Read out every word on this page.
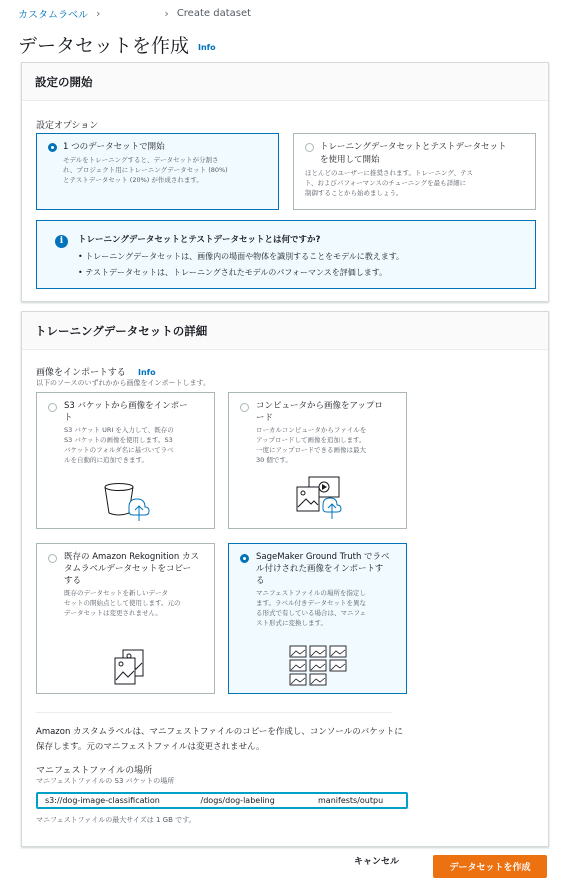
カスタムラベル ›	› Create dataset
データセットを作成 Info
設定の開始
設定オプション
1 つのデータセットで開始
モデルをトレーニングすると、データセットが分割さ
れ、プロジェクト用にトレーニングデータセット (80%)
とテストデータセット (20%) が作成されます。
トレーニングデータセットとテストデータセット
を使用して開始
ほとんどのユーザーに推奨されます。トレーニング、テス
ト、およびパフォーマンスのチューニングを最も詳細に
制御することから始めましょう。
i	トレーニングデータセットとテストデータセットとは何ですか?
• トレーニングデータセットは、画像内の場面や物体を識別することをモデルに教えます。
• テストデータセットは、トレーニングされたモデルのパフォーマンスを評価します。
トレーニングデータセットの詳細
画像をインポートする Info
以下のソースのいずれかから画像をインポートします。
S3 バケットから画像をインポー
ト
S3 バケット URI を入力して、既存の
S3 バケットの画像を使用します。S3
バケットのフォルダ名に基づいてラベ
ルを自動的に追加できます。
コンピュータから画像をアップロ
ード
ローカルコンピュータからファイルを
アップロードして画像を追加します。
一度にアップロードできる画像は最大
30 個です。
既存の Amazon Rekognition カス
タムラベルデータセットをコピー
する
既存のデータセットを新しいデータ
セットの開始点として使用します。元の
データセットは変更されません。
SageMaker Ground Truth でラベ
ル付けされた画像をインポートす
る
マニフェストファイルの場所を指定し
ます。ラベル付きデータセットを異な
る形式で有している場合は、マニフェ
スト形式に変換します。
Amazon カスタムラベルは、マニフェストファイルのコピーを作成し、コンソールのバケットに
保存します。元のマニフェストファイルは変更されません。
マニフェストファイルの場所
マニフェストファイルの S3 バケットの場所
s3://dog-image-classification /dogs/dog-labeling manifests/outpu
マニフェストファイルの最大サイズは 1 GB です。
キャンセル
データセットを作成
